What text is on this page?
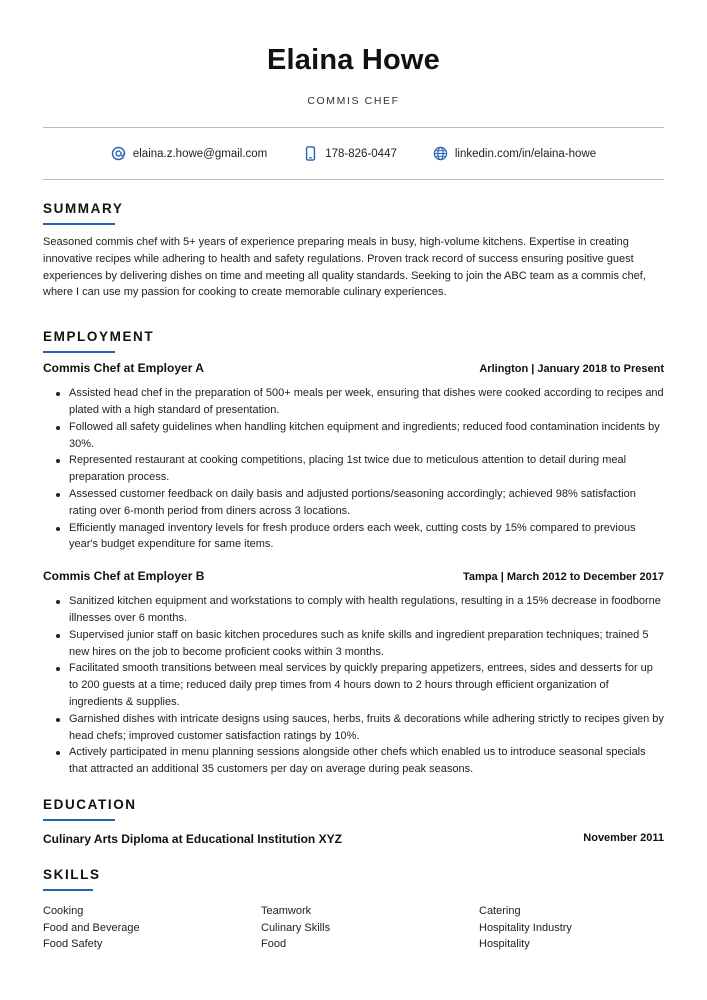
Elaina Howe
COMMIS CHEF
elaina.z.howe@gmail.com	178-826-0447	linkedin.com/in/elaina-howe
SUMMARY

Seasoned commis chef with 5+ years of experience preparing meals in busy, high-volume kitchens. Expertise in creating innovative recipes while adhering to health and safety regulations. Proven track record of success ensuring positive guest experiences by delivering dishes on time and meeting all quality standards. Seeking to join the ABC team as a commis chef, where I can use my passion for cooking to create memorable culinary experiences.

EMPLOYMENT
Commis Chef at Employer A	Arlington | January 2018 to Present
Assisted head chef in the preparation of 500+ meals per week, ensuring that dishes were cooked according to recipes and plated with a high standard of presentation.
Followed all safety guidelines when handling kitchen equipment and ingredients; reduced food contamination incidents by 30%.
Represented restaurant at cooking competitions, placing 1st twice due to meticulous attention to detail during meal preparation process.
Assessed customer feedback on daily basis and adjusted portions/seasoning accordingly; achieved 98% satisfaction rating over 6-month period from diners across 3 locations.
Efficiently managed inventory levels for fresh produce orders each week, cutting costs by 15% compared to previous year's budget expenditure for same items.
Commis Chef at Employer B	Tampa | March 2012 to December 2017
Sanitized kitchen equipment and workstations to comply with health regulations, resulting in a 15% decrease in foodborne illnesses over 6 months.
Supervised junior staff on basic kitchen procedures such as knife skills and ingredient preparation techniques; trained 5 new hires on the job to become proficient cooks within 3 months.
Facilitated smooth transitions between meal services by quickly preparing appetizers, entrees, sides and desserts for up to 200 guests at a time; reduced daily prep times from 4 hours down to 2 hours through efficient organization of ingredients & supplies.
Garnished dishes with intricate designs using sauces, herbs, fruits & decorations while adhering strictly to recipes given by head chefs; improved customer satisfaction ratings by 10%.
Actively participated in menu planning sessions alongside other chefs which enabled us to introduce seasonal specials that attracted an additional 35 customers per day on average during peak seasons.
EDUCATION
Culinary Arts Diploma at Educational Institution XYZ	November 2011
SKILLS
Cooking	Teamwork	Catering
Food and Beverage	Culinary Skills	Hospitality Industry
Food Safety	Food	Hospitality
